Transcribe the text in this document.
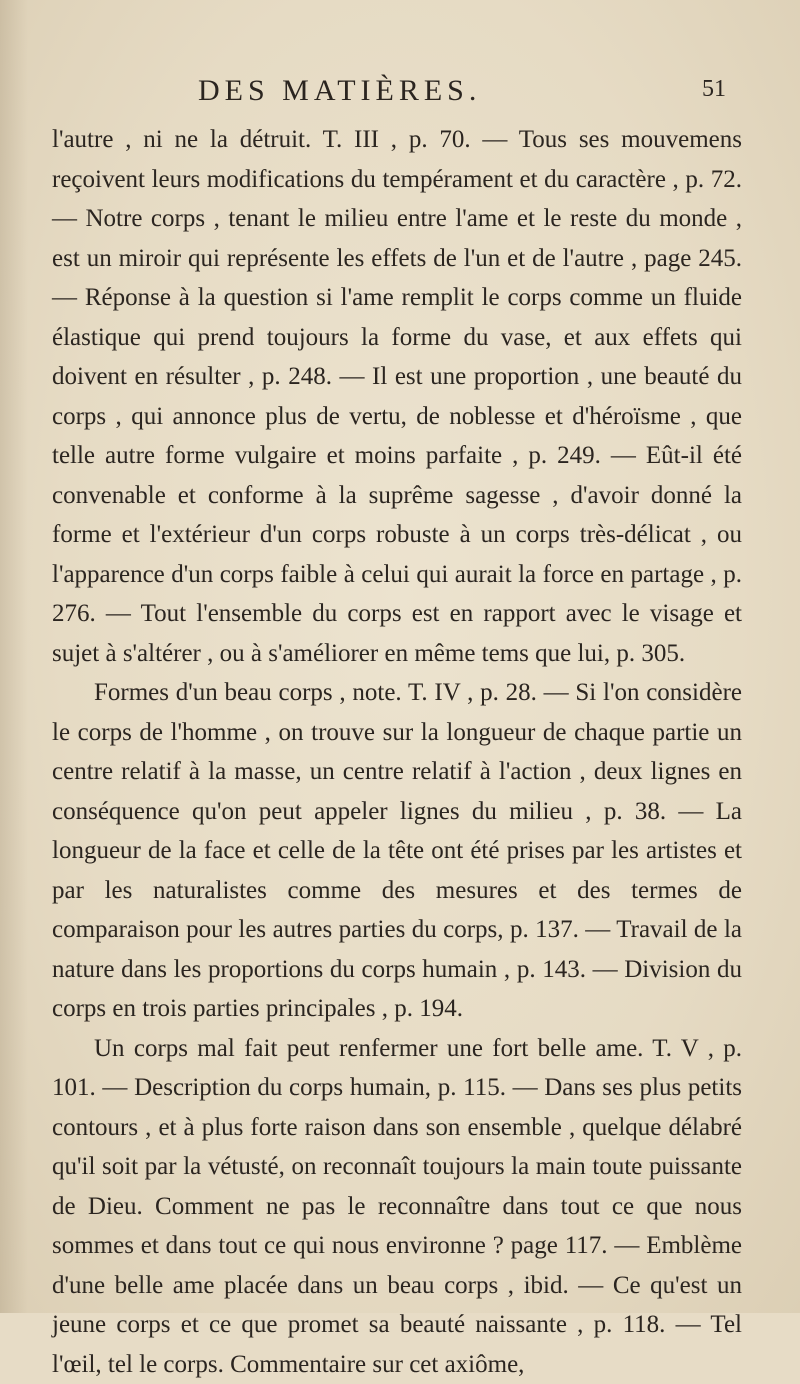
DES MATIÈRES.	51

l'autre , ni ne la détruit. T. III , p. 70. — Tous ses mouvemens reçoivent leurs modifications du tempérament et du caractère , p. 72. — Notre corps , tenant le milieu entre l'ame et le reste du monde , est un miroir qui représente les effets de l'un et de l'autre , page 245. — Réponse à la question si l'ame remplit le corps comme un fluide élastique qui prend toujours la forme du vase, et aux effets qui doivent en résulter , p. 248. — Il est une proportion , une beauté du corps , qui annonce plus de vertu, de noblesse et d'héroïsme , que telle autre forme vulgaire et moins parfaite , p. 249. — Eût-il été convenable et conforme à la suprême sagesse , d'avoir donné la forme et l'extérieur d'un corps robuste à un corps très-délicat , ou l'apparence d'un corps faible à celui qui aurait la force en partage , p. 276. — Tout l'ensemble du corps est en rapport avec le visage et sujet à s'altérer , ou à s'améliorer en même tems que lui, p. 305.

Formes d'un beau corps , note. T. IV , p. 28. — Si l'on considère le corps de l'homme , on trouve sur la longueur de chaque partie un centre relatif à la masse, un centre relatif à l'action , deux lignes en conséquence qu'on peut appeler lignes du milieu , p. 38. — La longueur de la face et celle de la tête ont été prises par les artistes et par les naturalistes comme des mesures et des termes de comparaison pour les autres parties du corps, p. 137. — Travail de la nature dans les proportions du corps humain , p. 143. — Division du corps en trois parties principales , p. 194.

Un corps mal fait peut renfermer une fort belle ame. T. V , p. 101. — Description du corps humain, p. 115. — Dans ses plus petits contours , et à plus forte raison dans son ensemble , quelque délabré qu'il soit par la vétusté, on reconnaît toujours la main toute puissante de Dieu. Comment ne pas le reconnaître dans tout ce que nous sommes et dans tout ce qui nous environne ? page 117. — Emblème d'une belle ame placée dans un beau corps , ibid. — Ce qu'est un jeune corps et ce que promet sa beauté naissante , p. 118. — Tel l'œil, tel le corps. Commentaire sur cet axiôme,
